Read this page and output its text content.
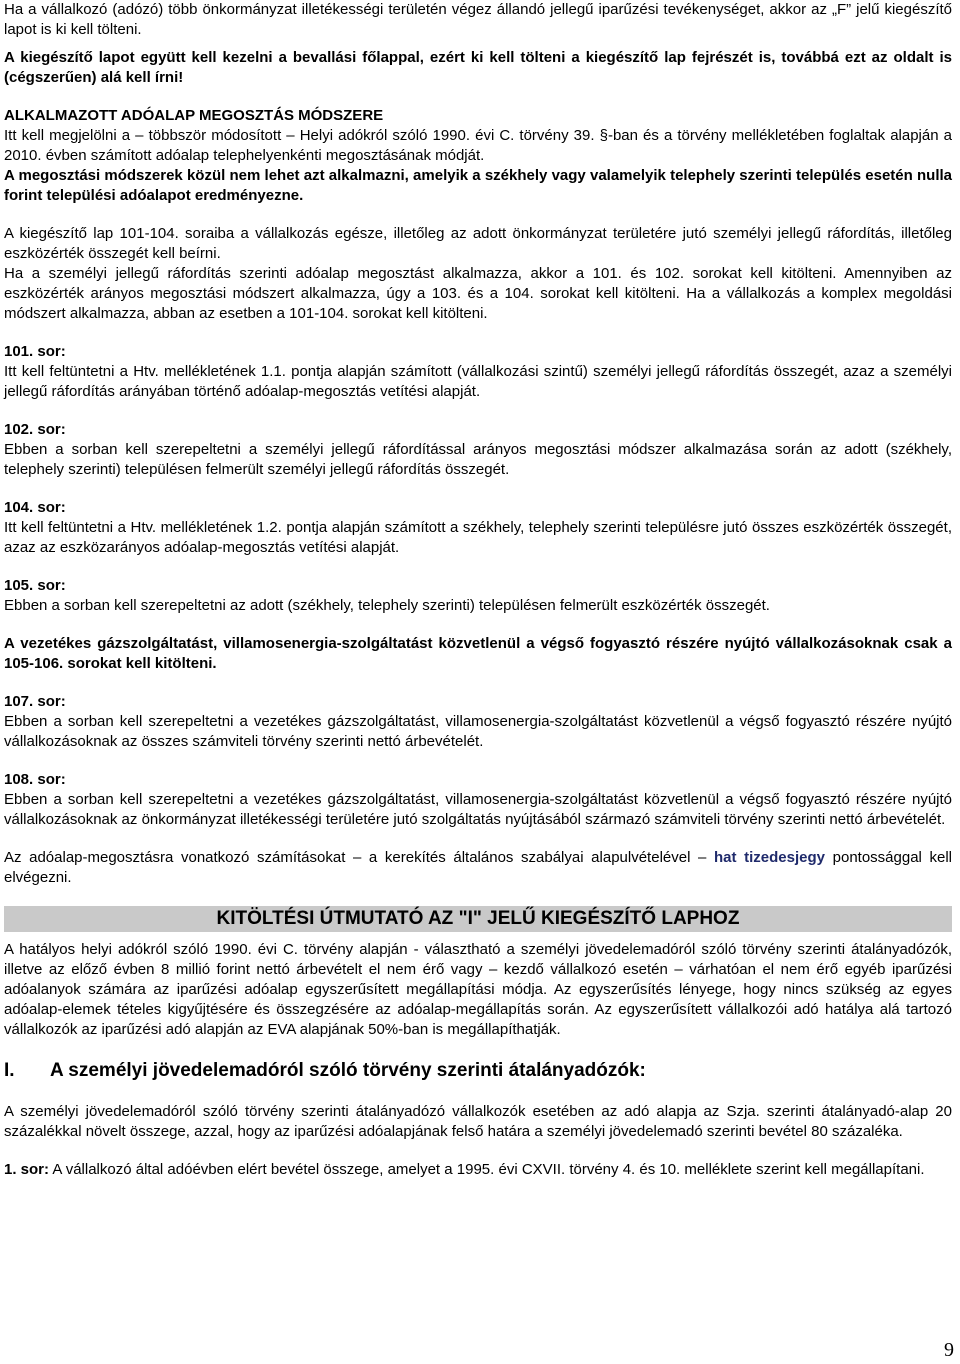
Ha a vállalkozó (adózó) több önkormányzat illetékességi területén végez állandó jellegű iparűzési tevékenységet, akkor az „F” jelű kiegészítő lapot is ki kell tölteni.

A kiegészítő lapot együtt kell kezelni a bevallási főlappal, ezért ki kell tölteni a kiegészítő lap fejrészét is, továbbá ezt az oldalt is (cégszerűen) alá kell írni!

ALKALMAZOTT ADÓALAP MEGOSZTÁS MÓDSZERE

Itt kell megjelölni a – többször módosított – Helyi adókról szóló 1990. évi C. törvény 39. §-ban és a törvény mellékletében foglaltak alapján a 2010. évben számított adóalap telephelyenkénti megosztásának módját.

A megosztási módszerek közül nem lehet azt alkalmazni, amelyik a székhely vagy valamelyik telephely szerinti település esetén nulla forint települési adóalapot eredményezne.

A kiegészítő lap 101-104. soraiba a vállalkozás egésze, illetőleg az adott önkormányzat területére jutó személyi jellegű ráfordítás, illetőleg eszközérték összegét kell beírni.

Ha a személyi jellegű ráfordítás szerinti adóalap megosztást alkalmazza, akkor a 101. és 102. sorokat kell kitölteni. Amennyiben az eszközérték arányos megosztási módszert alkalmazza, úgy a 103. és a 104. sorokat kell kitölteni. Ha a vállalkozás a komplex megoldási módszert alkalmazza, abban az esetben a 101-104. sorokat kell kitölteni.

101. sor:

Itt kell feltüntetni a Htv. mellékletének 1.1. pontja alapján számított (vállalkozási szintű) személyi jellegű ráfordítás összegét, azaz a személyi jellegű ráfordítás arányában történő adóalap-megosztás vetítési alapját.

102. sor:

Ebben a sorban kell szerepeltetni a személyi jellegű ráfordítással arányos megosztási módszer alkalmazása során az adott (székhely, telephely szerinti) településen felmerült személyi jellegű ráfordítás összegét.

104. sor:

Itt kell feltüntetni a Htv. mellékletének 1.2. pontja alapján számított a székhely, telephely szerinti településre jutó összes eszközérték összegét, azaz az eszközarányos adóalap-megosztás vetítési alapját.

105. sor:

Ebben a sorban kell szerepeltetni az adott (székhely, telephely szerinti) településen felmerült eszközérték összegét.

A vezetékes gázszolgáltatást, villamosenergia-szolgáltatást közvetlenül a végső fogyasztó részére nyújtó vállalkozásoknak csak a 105-106. sorokat kell kitölteni.

107. sor:

Ebben a sorban kell szerepeltetni a vezetékes gázszolgáltatást, villamosenergia-szolgáltatást közvetlenül a végső fogyasztó részére nyújtó vállalkozásoknak az összes számviteli törvény szerinti nettó árbevételét.

108. sor:

Ebben a sorban kell szerepeltetni a vezetékes gázszolgáltatást, villamosenergia-szolgáltatást közvetlenül a végső fogyasztó részére nyújtó vállalkozásoknak az önkormányzat illetékességi területére jutó szolgáltatás nyújtásából származó számviteli törvény szerinti nettó árbevételét.

Az adóalap-megosztásra vonatkozó számításokat – a kerekítés általános szabályai alapulvételével – hat tizedesjegy pontossággal kell elvégezni.

KITÖLTÉSI ÚTMUTATÓ AZ "I" JELŰ KIEGÉSZÍTŐ LAPHOZ

A hatályos helyi adókról szóló 1990. évi C. törvény alapján - választható a személyi jövedelemadóról szóló törvény szerinti átalányadózók, illetve az előző évben 8 millió forint nettó árbevételt el nem érő vagy – kezdő vállalkozó esetén – várhatóan el nem érő egyéb iparűzési adóalanyok számára az iparűzési adóalap egyszerűsített megállapítási módja. Az egyszerűsítés lényege, hogy nincs szükség az egyes adóalap-elemek tételes kigyűjtésére és összegzésére az adóalap-megállapítás során. Az egyszerűsített vállalkozói adó hatálya alá tartozó vállalkozók az iparűzési adó alapján az EVA alapjának 50%-ban is megállapíthatják.

I. A személyi jövedelemadóról szóló törvény szerinti átalányadózók:

A személyi jövedelemadóról szóló törvény szerinti átalányadózó vállalkozók esetében az adó alapja az Szja. szerinti átalányadó-alap 20 százalékkal növelt összege, azzal, hogy az iparűzési adóalapjának felső határa a személyi jövedelemadó szerinti bevétel 80 százaléka.

1. sor: A vállalkozó által adóévben elért bevétel összege, amelyet a 1995. évi CXVII. törvény 4. és 10. melléklete szerint kell megállapítani.

9
